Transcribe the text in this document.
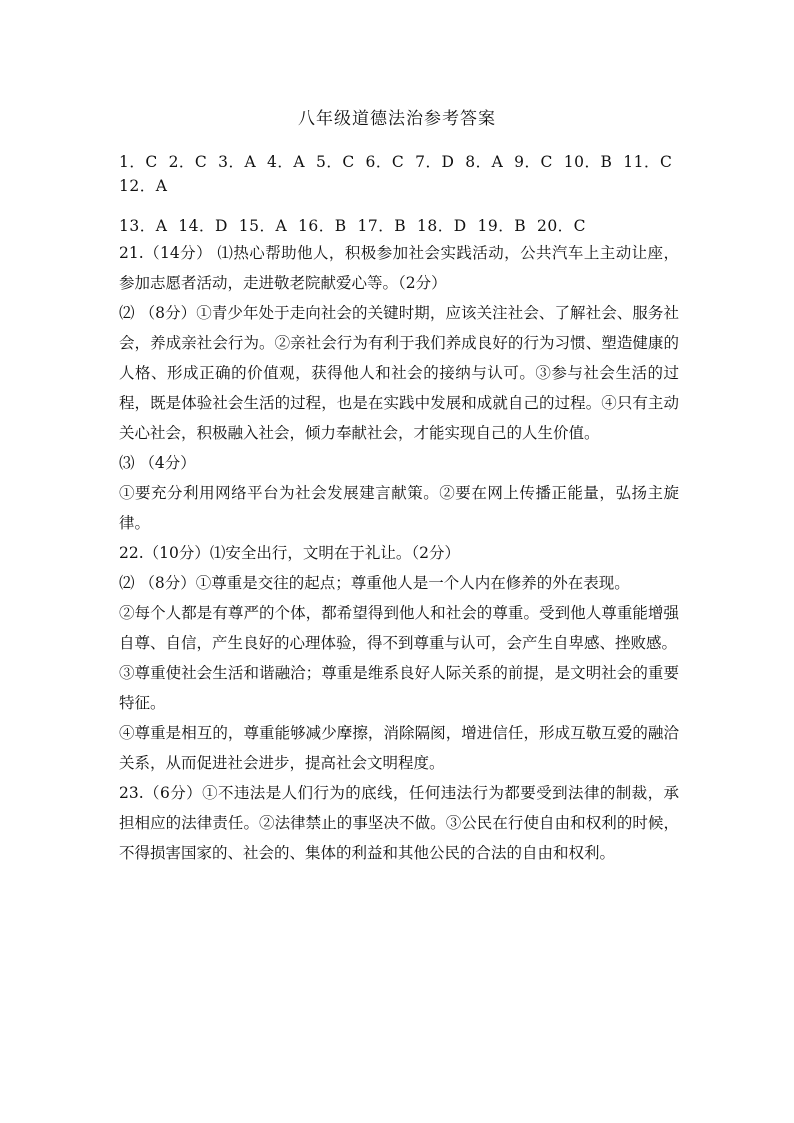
八年级道德法治参考答案
1．C  2．C  3．A  4．A  5．C  6．C  7．D  8．A  9．C  10．B  11．C
12．A
13．A  14．D  15．A  16．B  17．B  18．D  19．B  20．C
21.（14分） ⑴热心帮助他人，积极参加社会实践活动，公共汽车上主动让座，参加志愿者活动，走进敬老院献爱心等。（2分）
⑵ （8分）①青少年处于走向社会的关键时期，应该关注社会、了解社会、服务社会，养成亲社会行为。②亲社会行为有利于我们养成良好的行为习惯、塑造健康的人格、形成正确的价值观，获得他人和社会的接纳与认可。③参与社会生活的过程，既是体验社会生活的过程，也是在实践中发展和成就自己的过程。④只有主动关心社会，积极融入社会，倾力奉献社会，才能实现自己的人生价值。
⑶ （4分）
①要充分利用网络平台为社会发展建言献策。②要在网上传播正能量，弘扬主旋律。
22.（10分）⑴安全出行，文明在于礼让。（2分）
⑵ （8分）①尊重是交往的起点；尊重他人是一个人内在修养的外在表现。
②每个人都是有尊严的个体，都希望得到他人和社会的尊重。受到他人尊重能增强自尊、自信，产生良好的心理体验，得不到尊重与认可，会产生自卑感、挫败感。
③尊重使社会生活和谐融洽；尊重是维系良好人际关系的前提，是文明社会的重要特征。
④尊重是相互的，尊重能够减少摩擦，消除隔阂，增进信任，形成互敬互爱的融洽关系，从而促进社会进步，提高社会文明程度。
23.（6分）①不违法是人们行为的底线，任何违法行为都要受到法律的制裁，承担相应的法律责任。②法律禁止的事坚决不做。③公民在行使自由和权利的时候，不得损害国家的、社会的、集体的利益和其他公民的合法的自由和权利。
